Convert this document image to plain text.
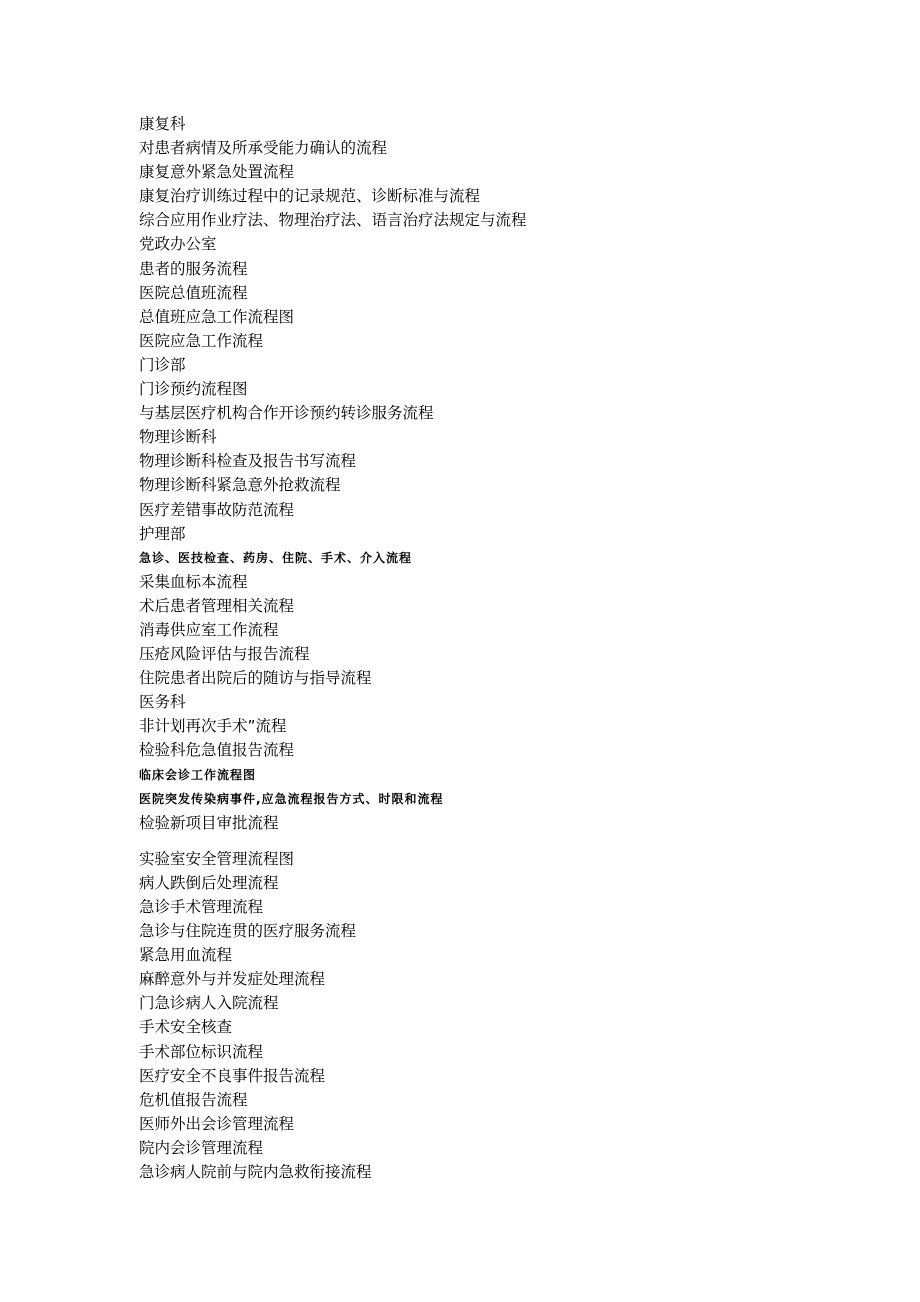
康复科
对患者病情及所承受能力确认的流程
康复意外紧急处置流程
康复治疗训练过程中的记录规范、诊断标准与流程
综合应用作业疗法、物理治疗法、语言治疗法规定与流程
党政办公室
患者的服务流程
医院总值班流程
总值班应急工作流程图
医院应急工作流程
门诊部
门诊预约流程图
与基层医疗机构合作开诊预约转诊服务流程
物理诊断科
物理诊断科检查及报告书写流程
物理诊断科紧急意外抢救流程
医疗差错事故防范流程
护理部
急诊、医技检查、药房、住院、手术、介入流程
采集血标本流程
术后患者管理相关流程
消毒供应室工作流程
压疮风险评估与报告流程
住院患者出院后的随访与指导流程
医务科
非计划再次手术”流程
检验科危急值报告流程
临床会诊工作流程图
医院突发传染病事件,应急流程报告方式、时限和流程
检验新项目审批流程
实验室安全管理流程图
病人跌倒后处理流程
急诊手术管理流程
急诊与住院连贯的医疗服务流程
紧急用血流程
麻醉意外与并发症处理流程
门急诊病人入院流程
手术安全核查
手术部位标识流程
医疗安全不良事件报告流程
危机值报告流程
医师外出会诊管理流程
院内会诊管理流程
急诊病人院前与院内急救衔接流程
